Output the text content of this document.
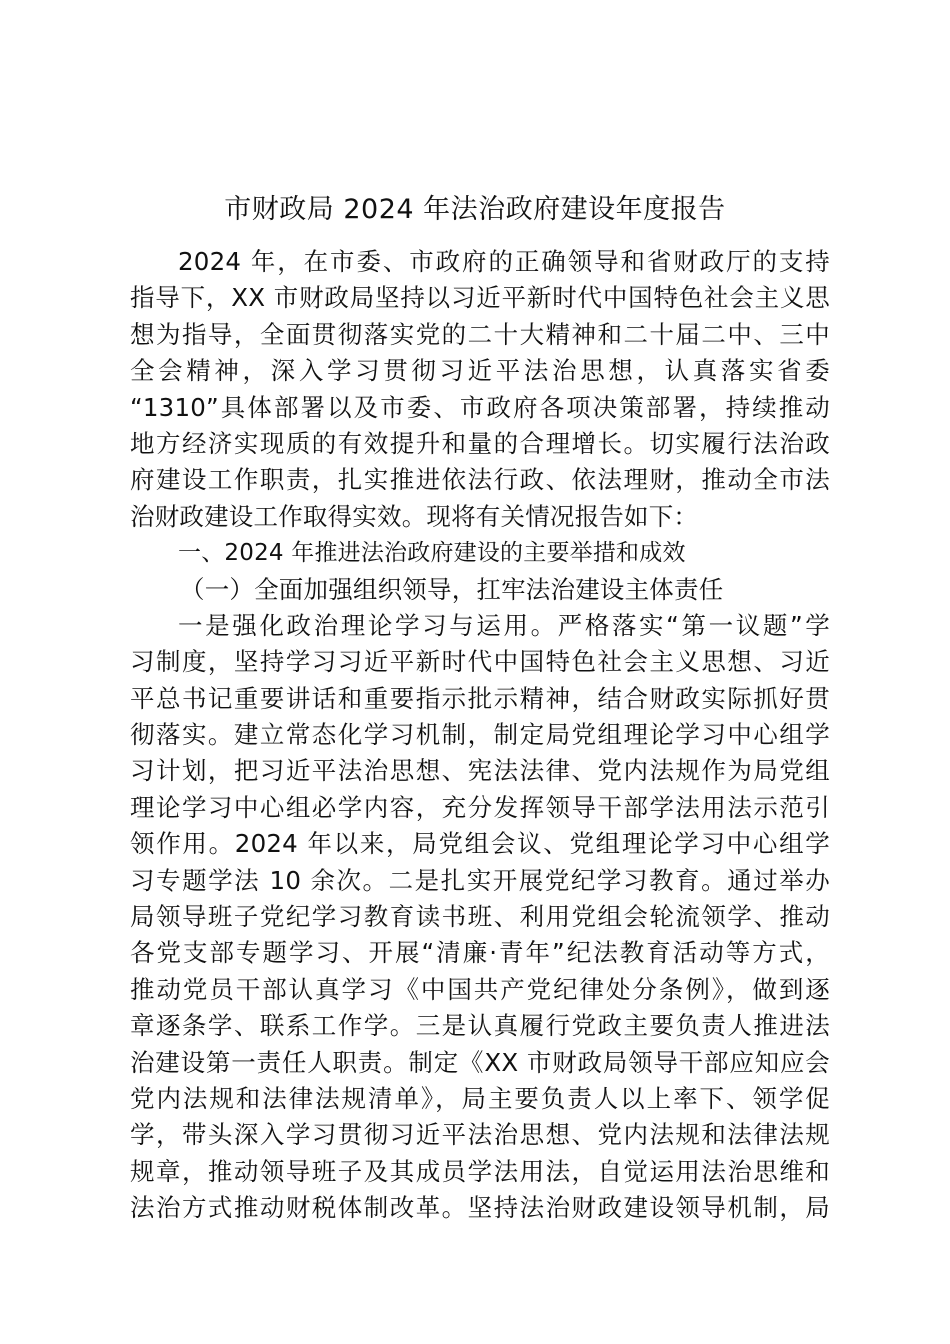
市财政局 2024 年法治政府建设年度报告
2024 年，在市委、市政府的正确领导和省财政厅的支持
指导下，XX 市财政局坚持以习近平新时代中国特色社会主义思
想为指导，全面贯彻落实党的二十大精神和二十届二中、三中
全会精神，深入学习贯彻习近平法治思想，认真落实省委
“1310”具体部署以及市委、市政府各项决策部署，持续推动
地方经济实现质的有效提升和量的合理增长。切实履行法治政
府建设工作职责，扎实推进依法行政、依法理财，推动全市法
治财政建设工作取得实效。现将有关情况报告如下：
一、2024 年推进法治政府建设的主要举措和成效
（一）全面加强组织领导，扛牢法治建设主体责任
一是强化政治理论学习与运用。严格落实“第一议题”学
习制度，坚持学习习近平新时代中国特色社会主义思想、习近
平总书记重要讲话和重要指示批示精神，结合财政实际抓好贯
彻落实。建立常态化学习机制，制定局党组理论学习中心组学
习计划，把习近平法治思想、宪法法律、党内法规作为局党组
理论学习中心组必学内容，充分发挥领导干部学法用法示范引
领作用。2024 年以来，局党组会议、党组理论学习中心组学
习专题学法 10 余次。二是扎实开展党纪学习教育。通过举办
局领导班子党纪学习教育读书班、利用党组会轮流领学、推动
各党支部专题学习、开展“清廉·青年”纪法教育活动等方式，
推动党员干部认真学习《中国共产党纪律处分条例》，做到逐
章逐条学、联系工作学。三是认真履行党政主要负责人推进法
治建设第一责任人职责。制定《XX 市财政局领导干部应知应会
党内法规和法律法规清单》，局主要负责人以上率下、领学促
学，带头深入学习贯彻习近平法治思想、党内法规和法律法规
规章，推动领导班子及其成员学法用法，自觉运用法治思维和
法治方式推动财税体制改革。坚持法治财政建设领导机制，局
